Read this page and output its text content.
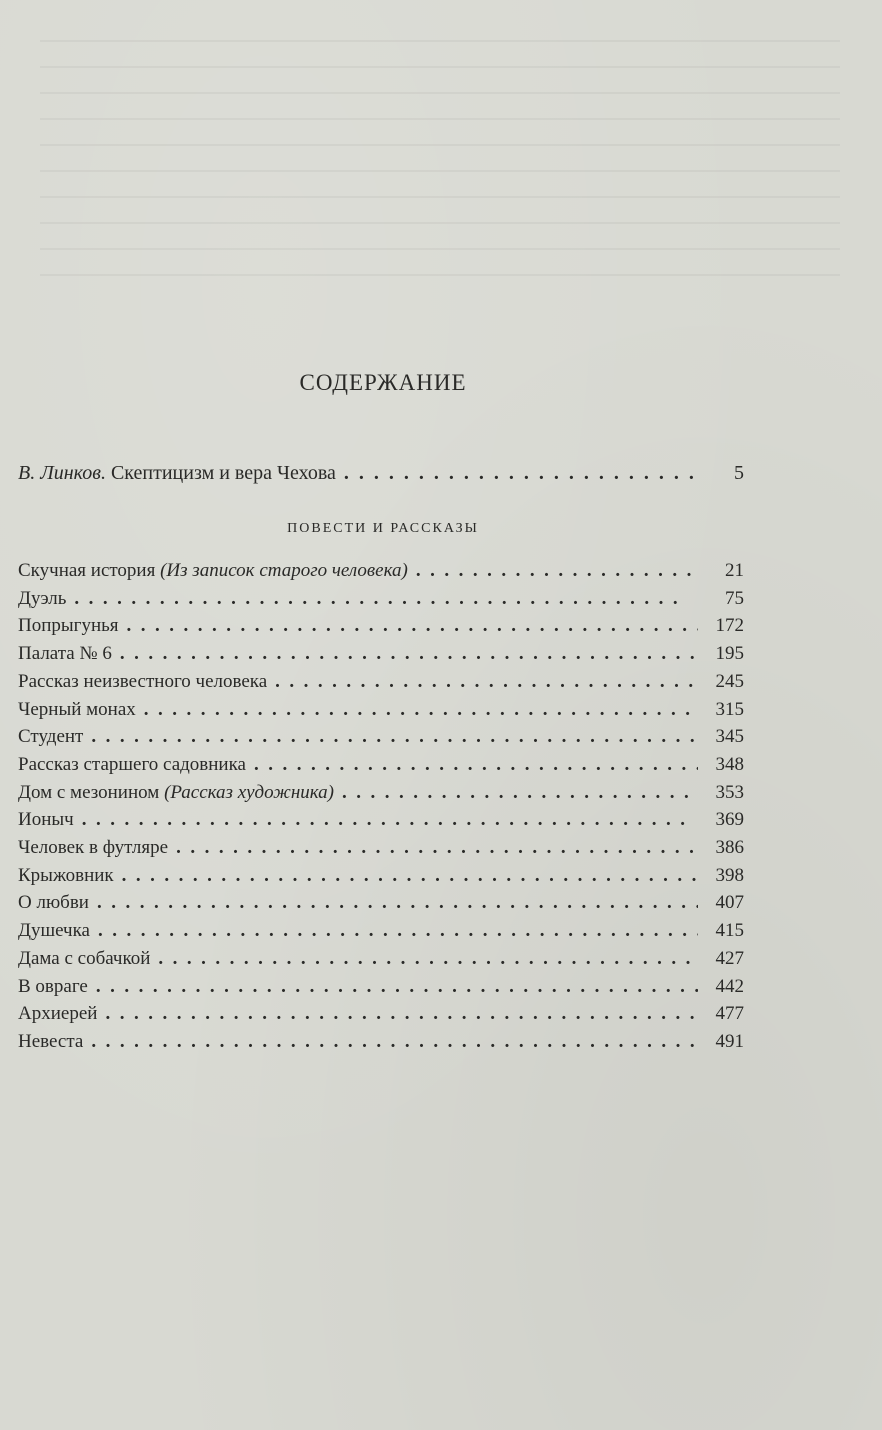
СОДЕРЖАНИЕ
В. Линков. Скептицизм и вера Чехова . .	5
ПОВЕСТИ И РАССКАЗЫ
Скучная история (Из записок старого человека) . .	21
Дуэль . .	75
Попрыгунья . .	172
Палата № 6 . .	195
Рассказ неизвестного человека . .	245
Черный монах . .	315
Студент . .	345
Рассказ старшего садовника . .	348
Дом с мезонином (Рассказ художника) . .	353
Ионыч . .	369
Человек в футляре . .	386
Крыжовник . .	398
О любви . .	407
Душечка . .	415
Дама с собачкой . .	427
В овраге . .	442
Архиерей . .	477
Невеста . .	491
